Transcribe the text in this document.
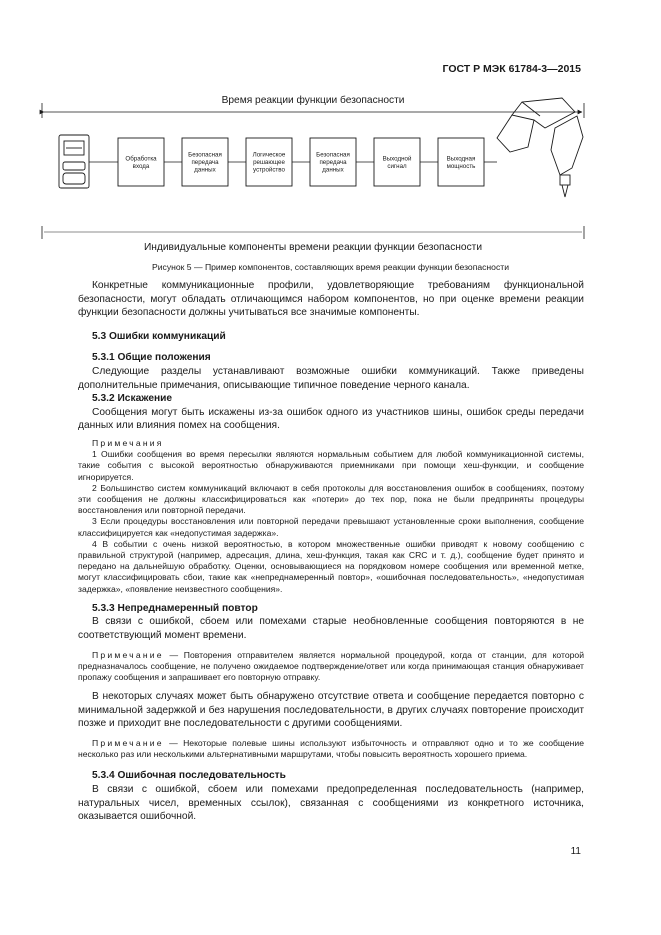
ГОСТ Р МЭК 61784-3—2015
Обработка
входа
Безопасная
передача
данных
Логическое
решающее
устройство
Безопасная
передача
данных
Выходной
сигнал
Выходная
мощность
Время реакции функции безопасности
Индивидуальные компоненты времени реакции функции безопасности
Рисунок 5 — Пример компонентов, составляющих время реакции функции безопасности

Конкретные коммуникационные профили, удовлетворяющие требованиям функциональной безопасности, могут обладать отличающимся набором компонентов, но при оценке времени реакции функции безопасности должны учитываться все значимые компоненты.

5.3 Ошибки коммуникаций

5.3.1 Общие положения

Следующие разделы устанавливают возможные ошибки коммуникаций. Также приведены дополнительные примечания, описывающие типичное поведение черного канала.

5.3.2 Искажение

Сообщения могут быть искажены из-за ошибок одного из участников шины, ошибок среды передачи данных или влияния помех на сообщения.

Примечания

1 Ошибки сообщения во время пересылки являются нормальным событием для любой коммуникационной системы, такие события с высокой вероятностью обнаруживаются приемниками при помощи хеш-функции, и сообщение игнорируется.

2 Большинство систем коммуникаций включают в себя протоколы для восстановления ошибок в сообщениях, поэтому эти сообщения не должны классифицироваться как «потери» до тех пор, пока не были предприняты процедуры восстановления или повторной передачи.

3 Если процедуры восстановления или повторной передачи превышают установленные сроки выполнения, сообщение классифицируется как «недопустимая задержка».

4 В событии с очень низкой вероятностью, в котором множественные ошибки приводят к новому сообщению с правильной структурой (например, адресация, длина, хеш-функция, такая как CRC и т. д.), сообщение будет принято и передано на дальнейшую обработку. Оценки, основывающиеся на порядковом номере сообщения или временной метке, могут классифицировать сбои, такие как «непреднамеренный повтор», «ошибочная последовательность», «недопустимая задержка», «появление неизвестного сообщения».

5.3.3 Непреднамеренный повтор

В связи с ошибкой, сбоем или помехами старые необновленные сообщения повторяются в не соответствующий момент времени.

Примечание — Повторения отправителем является нормальной процедурой, когда от станции, для которой предназначалось сообщение, не получено ожидаемое подтверждение/ответ или когда принимающая станция обнаруживает пропажу сообщения и запрашивает его повторную отправку.

В некоторых случаях может быть обнаружено отсутствие ответа и сообщение передается повторно с минимальной задержкой и без нарушения последовательности, в других случаях повторение происходит позже и приходит вне последовательности с другими сообщениями.

Примечание — Некоторые полевые шины используют избыточность и отправляют одно и то же сообщение несколько раз или несколькими альтернативными маршрутами, чтобы повысить вероятность хорошего приема.

5.3.4 Ошибочная последовательность

В связи с ошибкой, сбоем или помехами предопределенная последовательность (например, натуральных чисел, временных ссылок), связанная с сообщениями из конкретного источника, оказывается ошибочной.

11
